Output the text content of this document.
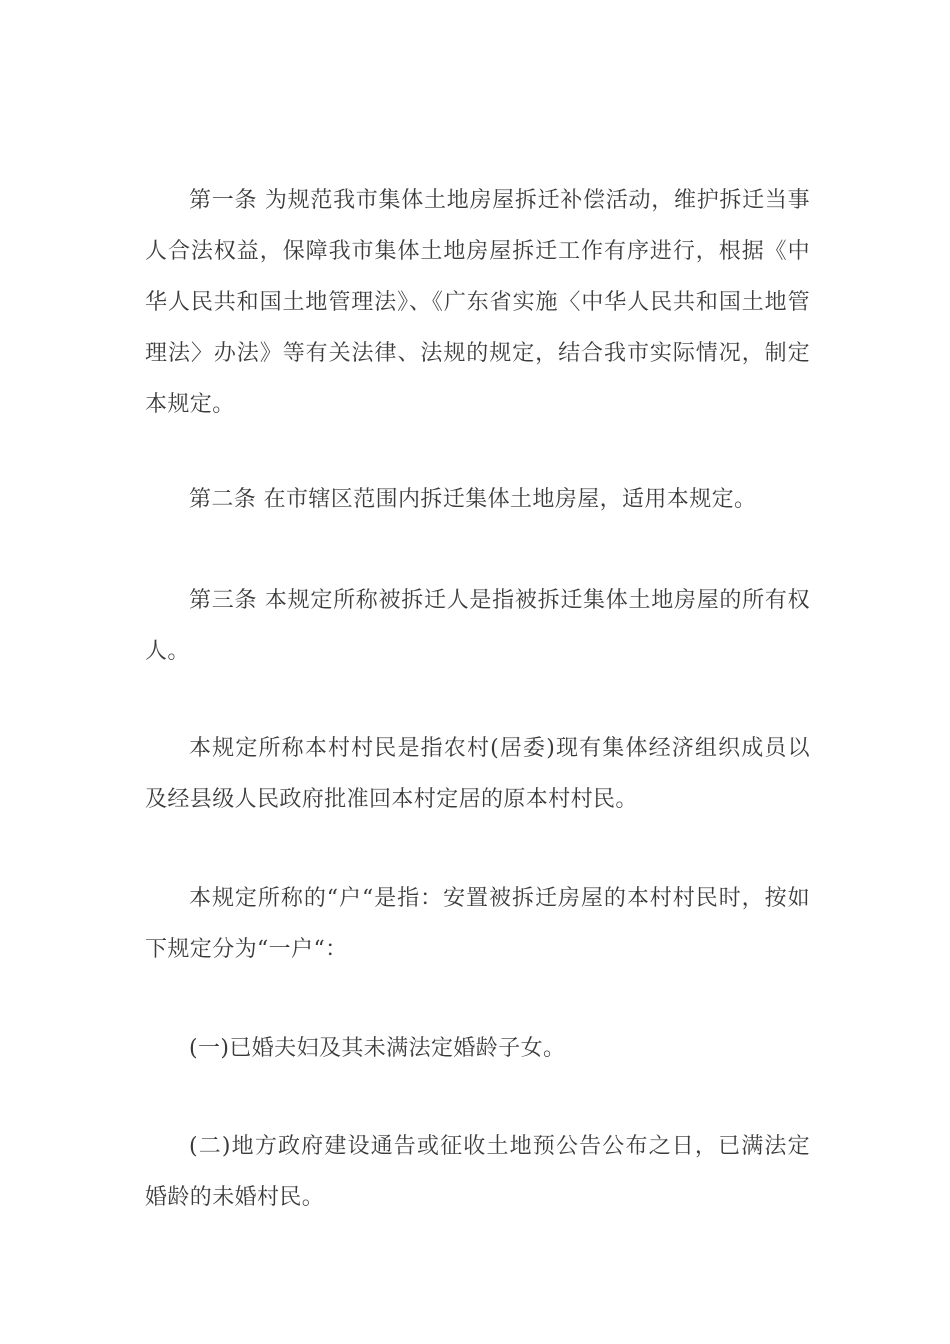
第一条 为规范我市集体土地房屋拆迁补偿活动，维护拆迁当事人合法权益，保障我市集体土地房屋拆迁工作有序进行，根据《中华人民共和国土地管理法》、《广东省实施〈中华人民共和国土地管理法〉办法》等有关法律、法规的规定，结合我市实际情况，制定本规定。

第二条 在市辖区范围内拆迁集体土地房屋，适用本规定。

第三条 本规定所称被拆迁人是指被拆迁集体土地房屋的所有权人。

本规定所称本村村民是指农村(居委)现有集体经济组织成员以及经县级人民政府批准回本村定居的原本村村民。

本规定所称的“户“是指：安置被拆迁房屋的本村村民时，按如下规定分为“一户“：

(一)已婚夫妇及其未满法定婚龄子女。

(二)地方政府建设通告或征收土地预公告公布之日，已满法定婚龄的未婚村民。
